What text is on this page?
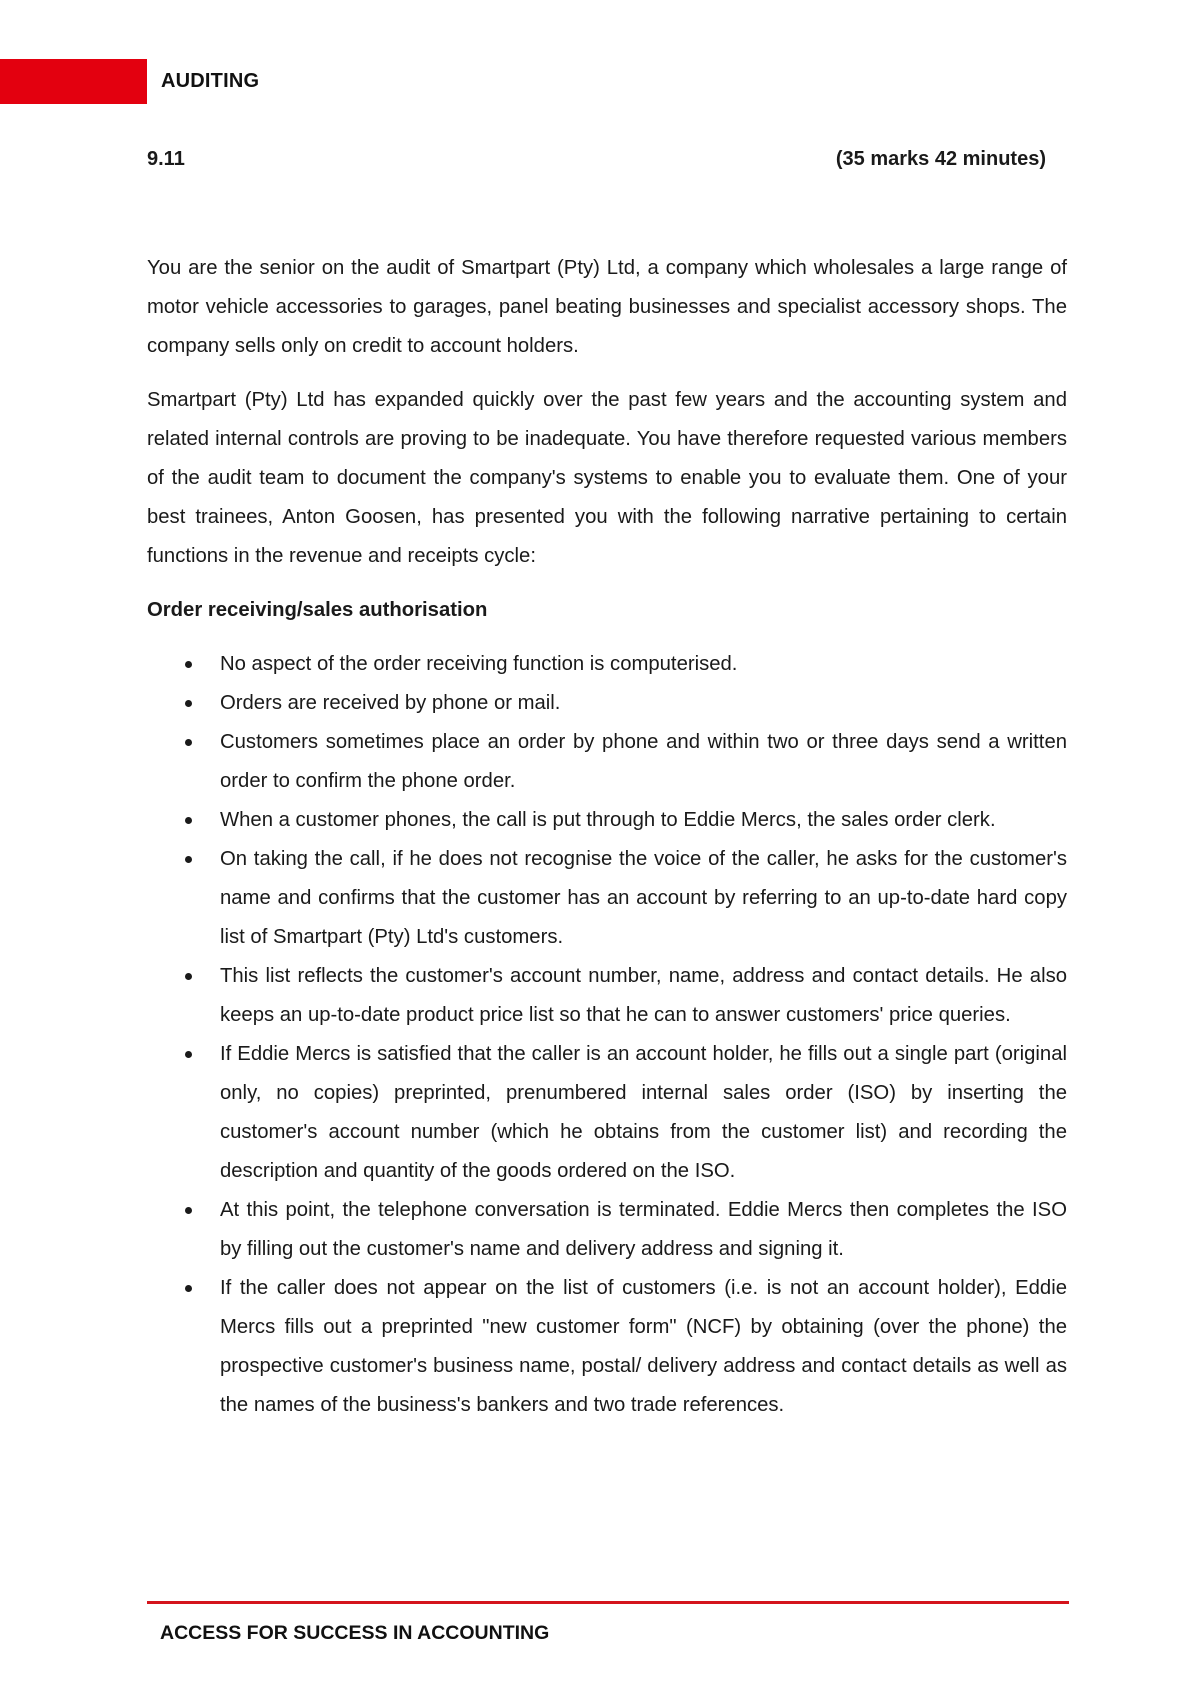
AUDITING
9.11	(35 marks 42 minutes)

You are the senior on the audit of Smartpart (Pty) Ltd, a company which wholesales a large range of motor vehicle accessories to garages, panel beating businesses and specialist accessory shops. The company sells only on credit to account holders.

Smartpart (Pty) Ltd has expanded quickly over the past few years and the accounting system and related internal controls are proving to be inadequate. You have therefore requested various members of the audit team to document the company's systems to enable you to evaluate them. One of your best trainees, Anton Goosen, has presented you with the following narrative pertaining to certain functions in the revenue and receipts cycle:

Order receiving/sales authorisation
No aspect of the order receiving function is computerised.
Orders are received by phone or mail.
Customers sometimes place an order by phone and within two or three days send a written order to confirm the phone order.
When a customer phones, the call is put through to Eddie Mercs, the sales order clerk.
On taking the call, if he does not recognise the voice of the caller, he asks for the customer's name and confirms that the customer has an account by referring to an up-to-date hard copy list of Smartpart (Pty) Ltd's customers.
This list reflects the customer's account number, name, address and contact details. He also keeps an up-to-date product price list so that he can to answer customers' price queries.
If Eddie Mercs is satisfied that the caller is an account holder, he fills out a single part (original only, no copies) preprinted, prenumbered internal sales order (ISO) by inserting the customer's account number (which he obtains from the customer list) and recording the description and quantity of the goods ordered on the ISO.
At this point, the telephone conversation is terminated. Eddie Mercs then completes the ISO by filling out the customer's name and delivery address and signing it.
If the caller does not appear on the list of customers (i.e. is not an account holder), Eddie Mercs fills out a preprinted "new customer form" (NCF) by obtaining (over the phone) the prospective customer's business name, postal/ delivery address and contact details as well as the names of the business's bankers and two trade references.
ACCESS FOR SUCCESS IN ACCOUNTING
